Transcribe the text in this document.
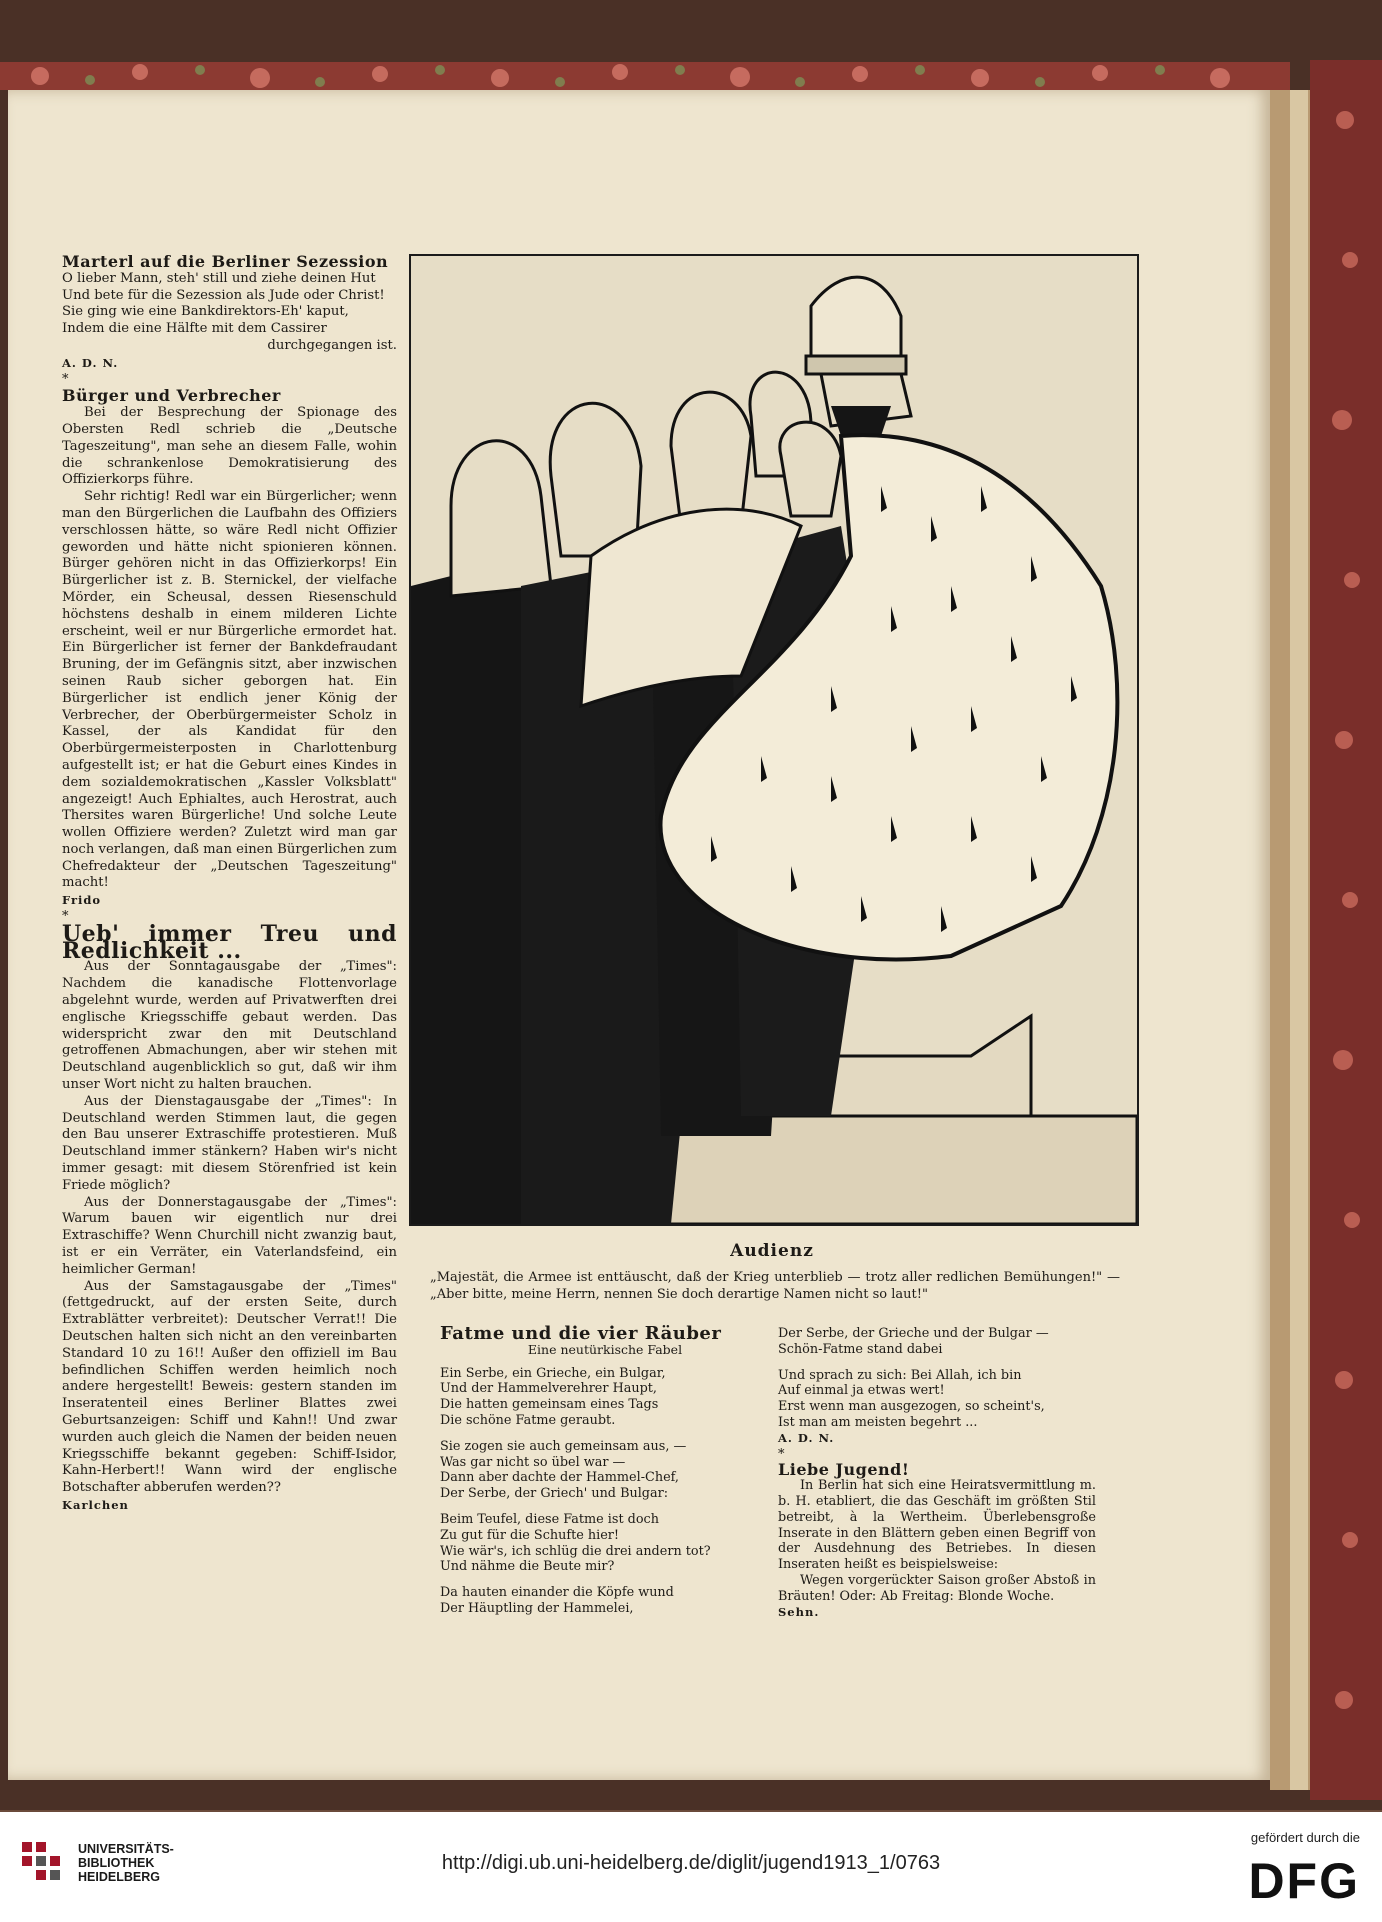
Marterl auf die Berliner Sezession

O lieber Mann, steh' still und ziehe deinen Hut

Und bete für die Sezession als Jude oder Christ!

Sie ging wie eine Bankdirektors-Eh' kaput,

Indem die eine Hälfte mit dem Cassirer

durchgegangen ist.

A. D. N.

*

Bürger und Verbrecher

Bei der Besprechung der Spionage des Obersten Redl schrieb die „Deutsche Tageszeitung", man sehe an diesem Falle, wohin die schrankenlose Demokratisierung des Offizierkorps führe.

Sehr richtig! Redl war ein Bürgerlicher; wenn man den Bürgerlichen die Laufbahn des Offiziers verschlossen hätte, so wäre Redl nicht Offizier geworden und hätte nicht spionieren können. Bürger gehören nicht in das Offizierkorps! Ein Bürgerlicher ist z. B. Sternickel, der vielfache Mörder, ein Scheusal, dessen Riesenschuld höchstens deshalb in einem milderen Lichte erscheint, weil er nur Bürgerliche ermordet hat. Ein Bürgerlicher ist ferner der Bankdefraudant Bruning, der im Gefängnis sitzt, aber inzwischen seinen Raub sicher geborgen hat. Ein Bürgerlicher ist endlich jener König der Verbrecher, der Oberbürgermeister Scholz in Kassel, der als Kandidat für den Oberbürgermeisterposten in Charlottenburg aufgestellt ist; er hat die Geburt eines Kindes in dem sozialdemokratischen „Kassler Volksblatt" angezeigt! Auch Ephialtes, auch Herostrat, auch Thersites waren Bürgerliche! Und solche Leute wollen Offiziere werden? Zuletzt wird man gar noch verlangen, daß man einen Bürgerlichen zum Chefredakteur der „Deutschen Tageszeitung" macht!

Frido

*

Ueb' immer Treu und Redlichkeit ...

Aus der Sonntagausgabe der „Times": Nachdem die kanadische Flottenvorlage abgelehnt wurde, werden auf Privatwerften drei englische Kriegsschiffe gebaut werden. Das widerspricht zwar den mit Deutschland getroffenen Abmachungen, aber wir stehen mit Deutschland augenblicklich so gut, daß wir ihm unser Wort nicht zu halten brauchen.

Aus der Dienstagausgabe der „Times": In Deutschland werden Stimmen laut, die gegen den Bau unserer Extraschiffe protestieren. Muß Deutschland immer stänkern? Haben wir's nicht immer gesagt: mit diesem Störenfried ist kein Friede möglich?

Aus der Donnerstagausgabe der „Times": Warum bauen wir eigentlich nur drei Extraschiffe? Wenn Churchill nicht zwanzig baut, ist er ein Verräter, ein Vaterlandsfeind, ein heimlicher German!

Aus der Samstagausgabe der „Times" (fettgedruckt, auf der ersten Seite, durch Extrablätter verbreitet): Deutscher Verrat!! Die Deutschen halten sich nicht an den vereinbarten Standard 10 zu 16!! Außer den offiziell im Bau befindlichen Schiffen werden heimlich noch andere hergestellt! Beweis: gestern standen im Inseratenteil eines Berliner Blattes zwei Geburtsanzeigen: Schiff und Kahn!! Und zwar wurden auch gleich die Namen der beiden neuen Kriegsschiffe bekannt gegeben: Schiff-Isidor, Kahn-Herbert!! Wann wird der englische Botschafter abberufen werden??

Karlchen

Audienz

„Majestät, die Armee ist enttäuscht, daß der Krieg unterblieb — trotz aller redlichen Bemühungen!" — „Aber bitte, meine Herrn, nennen Sie doch derartige Namen nicht so laut!"

Fatme und die vier Räuber

Eine neutürkische Fabel

Ein Serbe, ein Grieche, ein Bulgar,

Und der Hammelverehrer Haupt,

Die hatten gemeinsam eines Tags

Die schöne Fatme geraubt.

Sie zogen sie auch gemeinsam aus, —

Was gar nicht so übel war —

Dann aber dachte der Hammel-Chef,

Der Serbe, der Griech' und Bulgar:

Beim Teufel, diese Fatme ist doch

Zu gut für die Schufte hier!

Wie wär's, ich schlüg die drei andern tot?

Und nähme die Beute mir?

Da hauten einander die Köpfe wund

Der Häuptling der Hammelei,

Der Serbe, der Grieche und der Bulgar —

Schön-Fatme stand dabei

Und sprach zu sich: Bei Allah, ich bin

Auf einmal ja etwas wert!

Erst wenn man ausgezogen, so scheint's,

Ist man am meisten begehrt ...

A. D. N.

*

Liebe Jugend!

In Berlin hat sich eine Heiratsvermittlung m. b. H. etabliert, die das Geschäft im größten Stil betreibt, à la Wertheim. Überlebensgroße Inserate in den Blättern geben einen Begriff von der Ausdehnung des Betriebes. In diesen Inseraten heißt es beispielsweise:

Wegen vorgerückter Saison großer Abstoß in Bräuten! Oder: Ab Freitag: Blonde Woche.

Sehn.

UNIVERSITÄTS-
BIBLIOTHEK
HEIDELBERG
http://digi.ub.uni-heidelberg.de/diglit/jugend1913_1/0763
gefördert durch die
DFG
